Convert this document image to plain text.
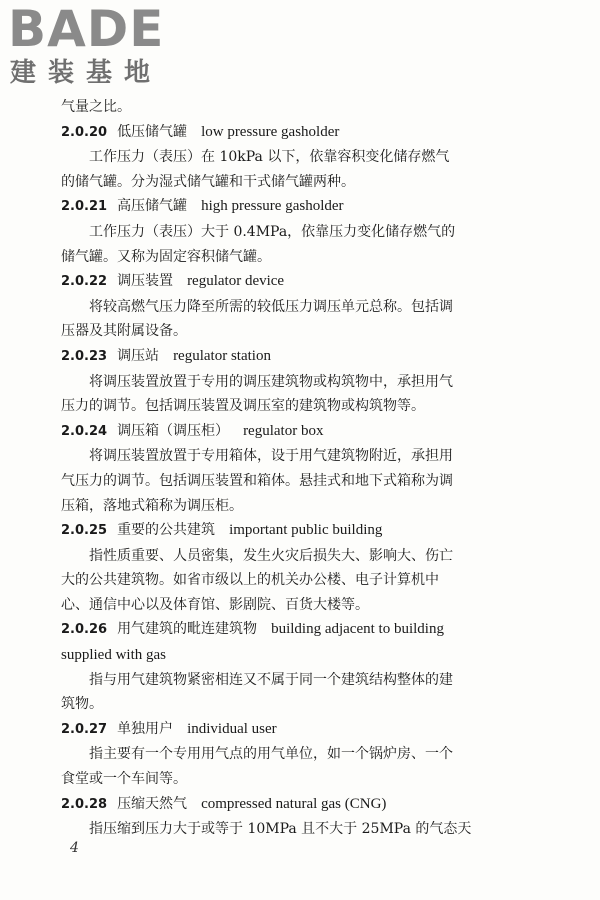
BADE
建装基地
气量之比。
2.0.20 低压储气罐 low pressure gasholder
工作压力（表压）在 10kPa 以下，依靠容积变化储存燃气
的储气罐。分为湿式储气罐和干式储气罐两种。
2.0.21 高压储气罐 high pressure gasholder
工作压力（表压）大于 0.4MPa，依靠压力变化储存燃气的
储气罐。又称为固定容积储气罐。
2.0.22 调压装置 regulator device
将较高燃气压力降至所需的较低压力调压单元总称。包括调
压器及其附属设备。
2.0.23 调压站 regulator station
将调压装置放置于专用的调压建筑物或构筑物中，承担用气
压力的调节。包括调压装置及调压室的建筑物或构筑物等。
2.0.24 调压箱（调压柜） regulator box
将调压装置放置于专用箱体，设于用气建筑物附近，承担用
气压力的调节。包括调压装置和箱体。悬挂式和地下式箱称为调
压箱，落地式箱称为调压柜。
2.0.25 重要的公共建筑 important public building
指性质重要、人员密集，发生火灾后损失大、影响大、伤亡
大的公共建筑物。如省市级以上的机关办公楼、电子计算机中
心、通信中心以及体育馆、影剧院、百货大楼等。
2.0.26 用气建筑的毗连建筑物 building adjacent to building
supplied with gas
指与用气建筑物紧密相连又不属于同一个建筑结构整体的建
筑物。
2.0.27 单独用户 individual user
指主要有一个专用用气点的用气单位，如一个锅炉房、一个
食堂或一个车间等。
2.0.28 压缩天然气 compressed natural gas (CNG)
指压缩到压力大于或等于 10MPa 且不大于 25MPa 的气态天
4
